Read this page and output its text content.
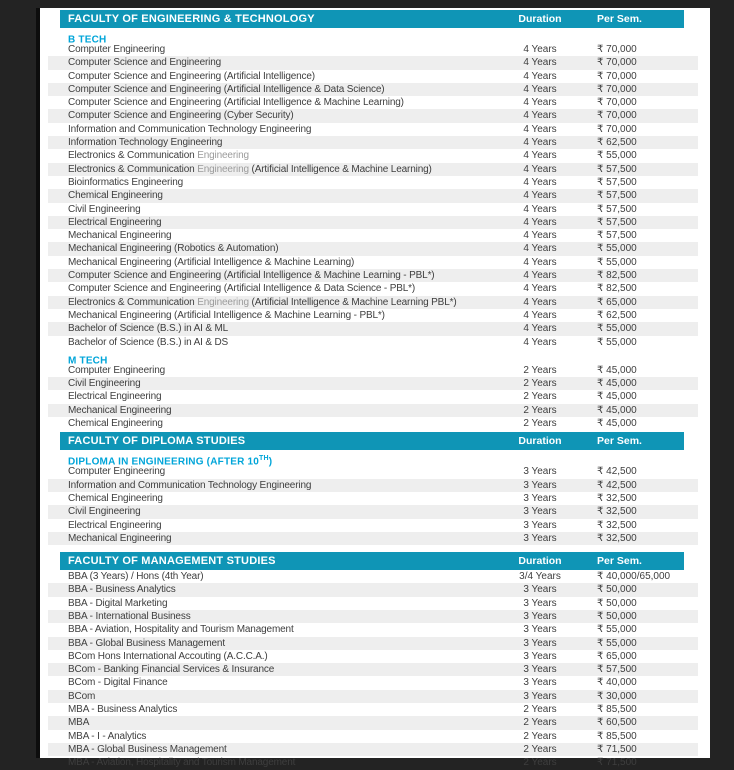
FACULTY OF ENGINEERING & TECHNOLOGY	Duration	Per Sem.
B TECH
Computer Engineering	4 Years	₹ 70,000
Computer Science and Engineering	4 Years	₹ 70,000
Computer Science and Engineering (Artificial Intelligence)	4 Years	₹ 70,000
Computer Science and Engineering (Artificial Intelligence & Data Science)	4 Years	₹ 70,000
Computer Science and Engineering (Artificial Intelligence & Machine Learning)	4 Years	₹ 70,000
Computer Science and Engineering (Cyber Security)	4 Years	₹ 70,000
Information and Communication Technology Engineering	4 Years	₹ 70,000
Information Technology Engineering	4 Years	₹ 62,500
Electronics & Communication Engineering	4 Years	₹ 55,000
Electronics & Communication Engineering (Artificial Intelligence & Machine Learning)	4 Years	₹ 57,500
Bioinformatics Engineering	4 Years	₹ 57,500
Chemical Engineering	4 Years	₹ 57,500
Civil Engineering	4 Years	₹ 57,500
Electrical Engineering	4 Years	₹ 57,500
Mechanical Engineering	4 Years	₹ 57,500
Mechanical Engineering (Robotics & Automation)	4 Years	₹ 55,000
Mechanical Engineering (Artificial Intelligence & Machine Learning)	4 Years	₹ 55,000
Computer Science and Engineering (Artificial Intelligence & Machine Learning - PBL*)	4 Years	₹ 82,500
Computer Science and Engineering (Artificial Intelligence & Data Science - PBL*)	4 Years	₹ 82,500
Electronics & Communication Engineering (Artificial Intelligence & Machine Learning PBL*)	4 Years	₹ 65,000
Mechanical Engineering (Artificial Intelligence & Machine Learning - PBL*)	4 Years	₹ 62,500
Bachelor of Science (B.S.) in AI & ML	4 Years	₹ 55,000
Bachelor of Science (B.S.) in AI & DS	4 Years	₹ 55,000
M TECH
Computer Engineering	2 Years	₹ 45,000
Civil Engineering	2 Years	₹ 45,000
Electrical Engineering	2 Years	₹ 45,000
Mechanical Engineering	2 Years	₹ 45,000
Chemical Engineering	2 Years	₹ 45,000
FACULTY OF DIPLOMA STUDIES	Duration	Per Sem.
DIPLOMA IN ENGINEERING (AFTER 10TH)
Computer Engineering	3 Years	₹ 42,500
Information and Communication Technology Engineering	3 Years	₹ 42,500
Chemical Engineering	3 Years	₹ 32,500
Civil Engineering	3 Years	₹ 32,500
Electrical Engineering	3 Years	₹ 32,500
Mechanical Engineering	3 Years	₹ 32,500
FACULTY OF MANAGEMENT STUDIES	Duration	Per Sem.
BBA (3 Years) / Hons (4th Year)	3/4 Years	₹ 40,000/65,000
BBA - Business Analytics	3 Years	₹ 50,000
BBA - Digital Marketing	3 Years	₹ 50,000
BBA - International Business	3 Years	₹ 50,000
BBA - Aviation, Hospitality and Tourism Management	3 Years	₹ 55,000
BBA - Global Business Management	3 Years	₹ 55,000
BCom Hons International Accouting (A.C.C.A.)	3 Years	₹ 65,000
BCom - Banking Financial Services & Insurance	3 Years	₹ 57,500
BCom - Digital Finance	3 Years	₹ 40,000
BCom	3 Years	₹ 30,000
MBA - Business Analytics	2 Years	₹ 85,500
MBA	2 Years	₹ 60,500
MBA - I - Analytics	2 Years	₹ 85,500
MBA - Global Business Management	2 Years	₹ 71,500
MBA - Aviation, Hospitality and Tourism Management	2 Years	₹ 71,500
